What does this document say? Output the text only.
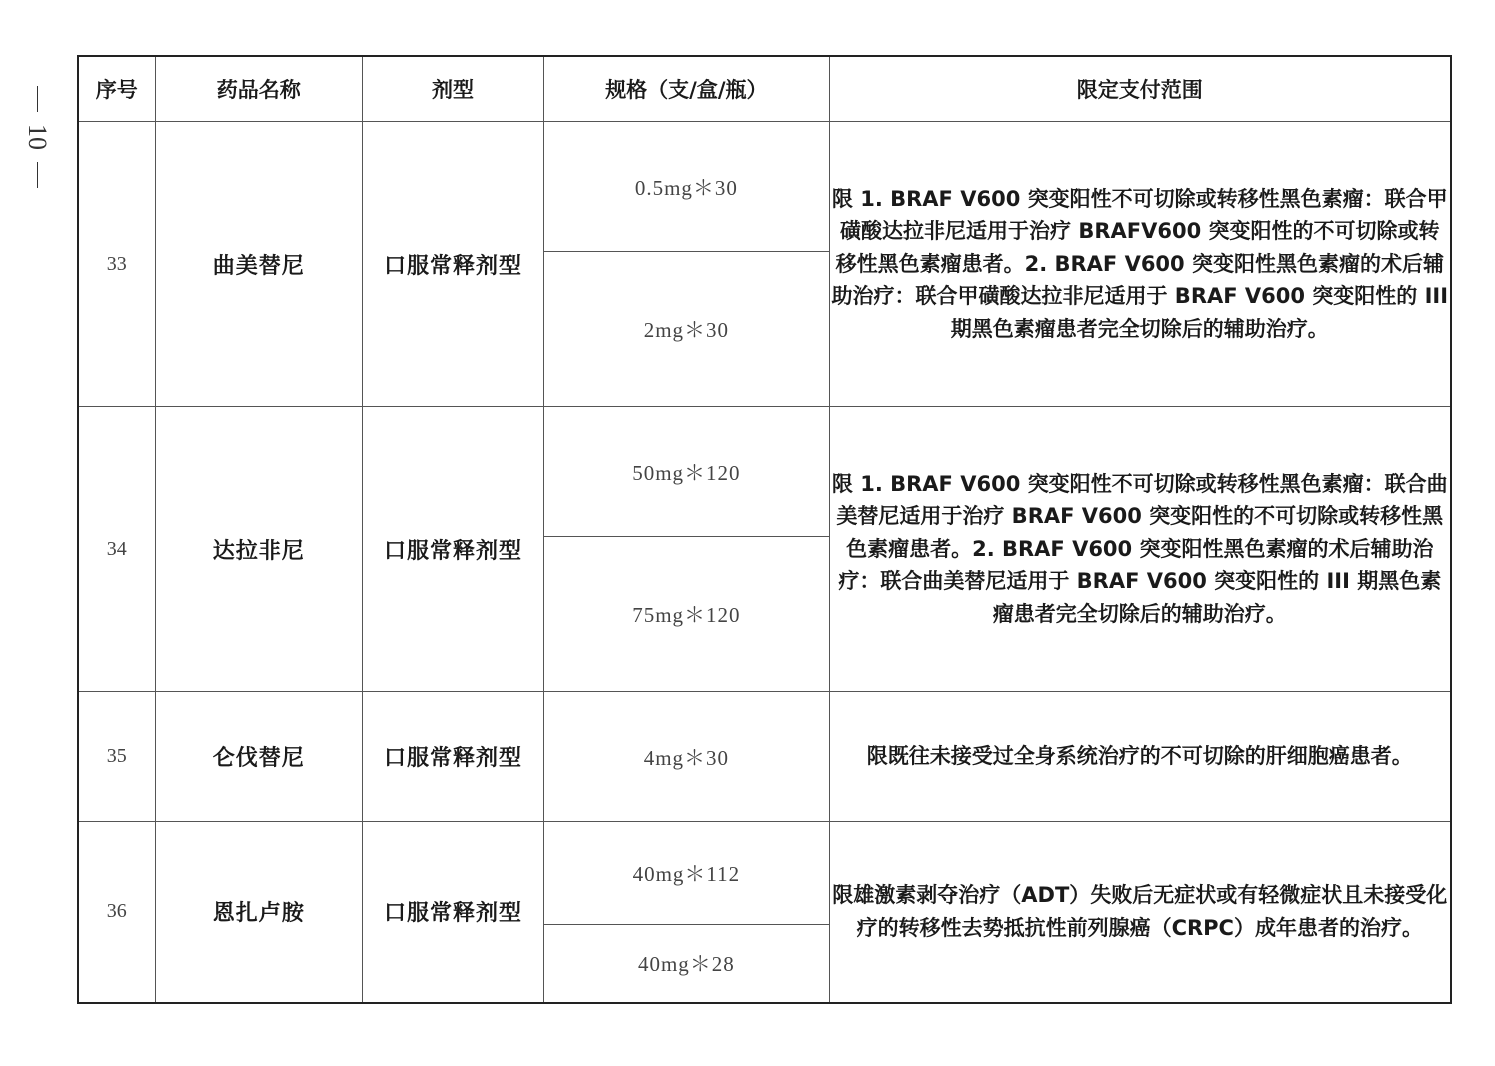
10
序号	药品名称	剂型	规格（支/盒/瓶）	限定支付范围
33	曲美替尼	口服常释剂型	0.5mg＊30	限 1. BRAF V600 突变阳性不可切除或转移性黑色素瘤：联合甲磺酸达拉非尼适用于治疗 BRAFV600 突变阳性的不可切除或转移性黑色素瘤患者。2. BRAF V600 突变阳性黑色素瘤的术后辅助治疗：联合甲磺酸达拉非尼适用于 BRAF V600 突变阳性的 III 期黑色素瘤患者完全切除后的辅助治疗。
			2mg＊30	
34	达拉非尼	口服常释剂型	50mg＊120	限 1. BRAF V600 突变阳性不可切除或转移性黑色素瘤：联合曲美替尼适用于治疗 BRAF V600 突变阳性的不可切除或转移性黑色素瘤患者。2. BRAF V600 突变阳性黑色素瘤的术后辅助治疗：联合曲美替尼适用于 BRAF V600 突变阳性的 III 期黑色素瘤患者完全切除后的辅助治疗。
			75mg＊120	
35	仑伐替尼	口服常释剂型	4mg＊30	限既往未接受过全身系统治疗的不可切除的肝细胞癌患者。
36	恩扎卢胺	口服常释剂型	40mg＊112	限雄激素剥夺治疗（ADT）失败后无症状或有轻微症状且未接受化疗的转移性去势抵抗性前列腺癌（CRPC）成年患者的治疗。
			40mg＊28	
